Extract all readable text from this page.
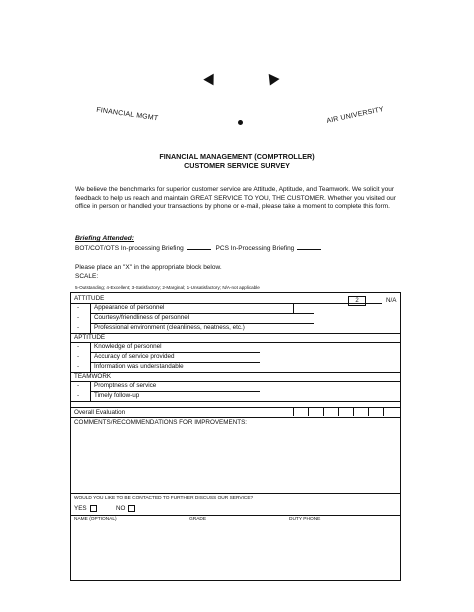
FINANCIAL MGMT	AIR UNIVERSITY
FINANCIAL MANAGEMENT (COMPTROLLER)
CUSTOMER SERVICE SURVEY
We believe the benchmarks for superior customer service are Attitude, Aptitude, and Teamwork. We solicit your feedback to help us reach and maintain GREAT SERVICE TO YOU, THE CUSTOMER. Whether you visited our office in person or handled your transactions by phone or e-mail, please take a moment to complete this form.
Briefing Attended:
BOT/COT/OTS In-processing Briefing	PCS In-Processing Briefing
Please place an "X" in the appropriate block below.
SCALE:
5-Outstanding; 4-Excellent; 3-Satisfactory; 2-Marginal; 1-Unsatisfactory; N/A-not applicable
ATTITUDE	2	N/A
- Appearance of personnel
- Courtesy/friendliness of personnel
- Professional environment (cleanliness, neatness, etc.)
APTITUDE
- Knowledge of personnel
- Accuracy of service provided
- Information was understandable
TEAMWORK
- Promptness of service
- Timely follow-up
Overall Evaluation
COMMENTS/RECOMMENDATIONS FOR IMPROVEMENTS:
WOULD YOU LIKE TO BE CONTACTED TO FURTHER DISCUSS OUR SERVICE?
YES	NO
NAME (OPTIONAL)	GRADE	DUTY PHONE
